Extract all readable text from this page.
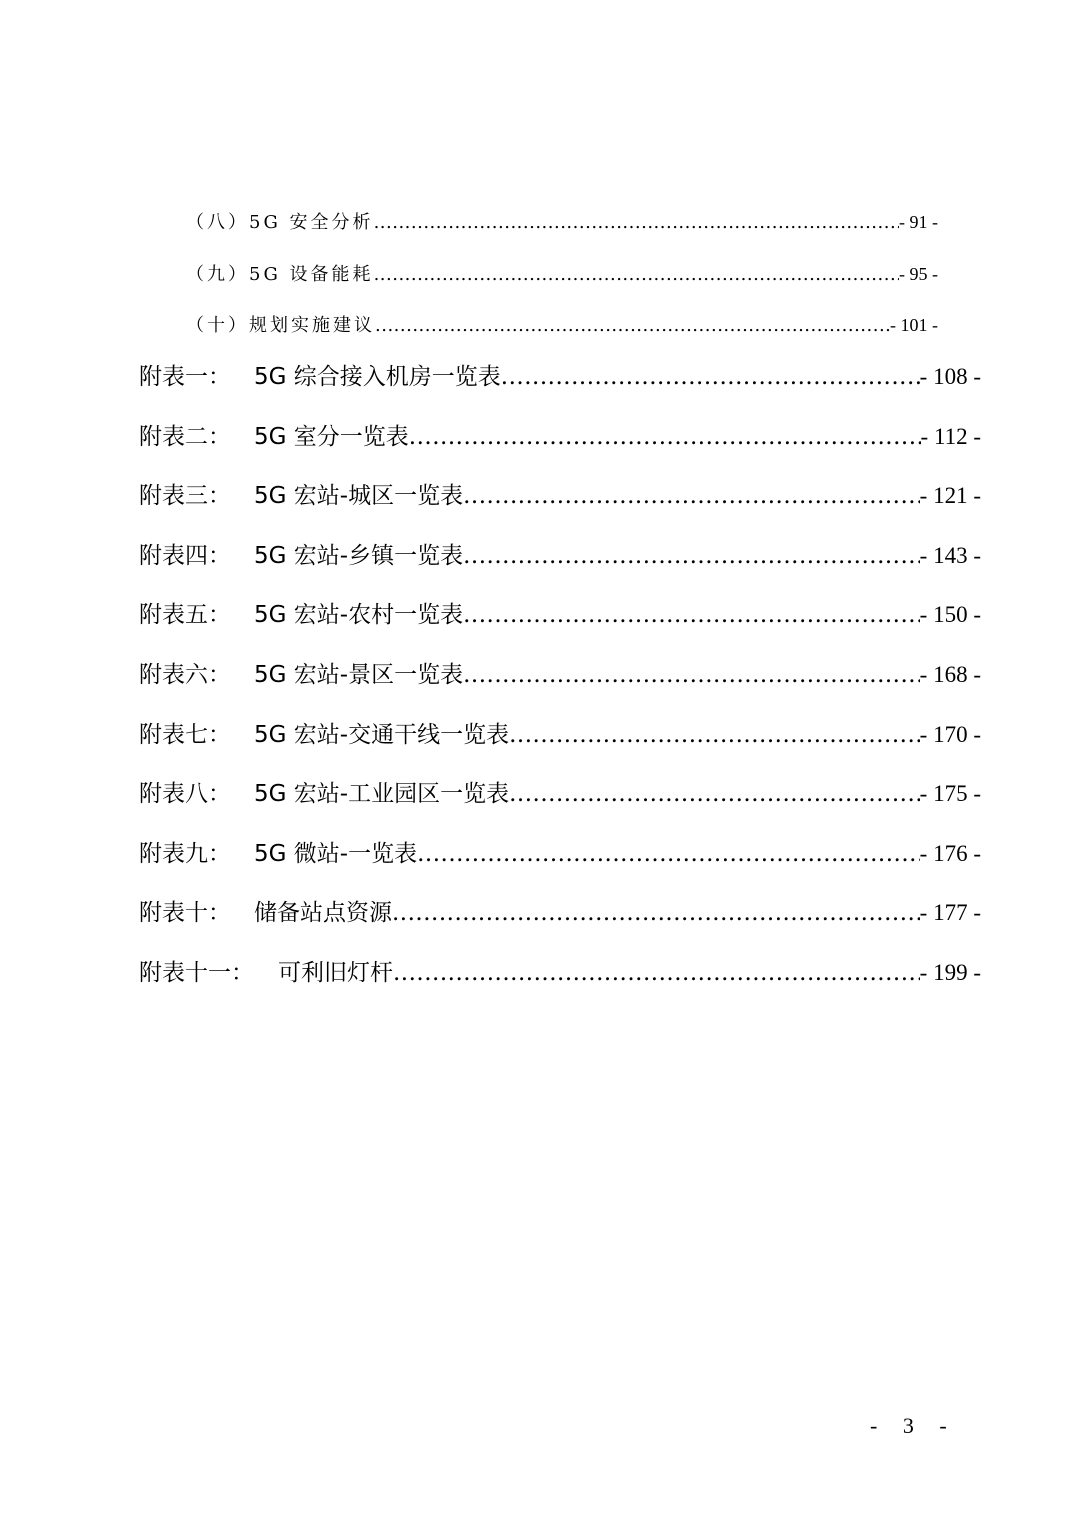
（八）5G 安全分析 .....	- 91 -
（九）5G 设备能耗 .....	- 95 -
（十）规划实施建议 .....	- 101 -
附表一：	5G 综合接入机房一览表 .....	- 108 -
附表二：	5G 室分一览表 .....	- 112 -
附表三：	5G 宏站-城区一览表 .....	- 121 -
附表四：	5G 宏站-乡镇一览表 .....	- 143 -
附表五：	5G 宏站-农村一览表 .....	- 150 -
附表六：	5G 宏站-景区一览表 .....	- 168 -
附表七：	5G 宏站-交通干线一览表 .....	- 170 -
附表八：	5G 宏站-工业园区一览表 .....	- 175 -
附表九：	5G 微站-一览表 .....	- 176 -
附表十：	储备站点资源 .....	- 177 -
附表十一：	可利旧灯杆 .....	- 199 -
- 3 -
